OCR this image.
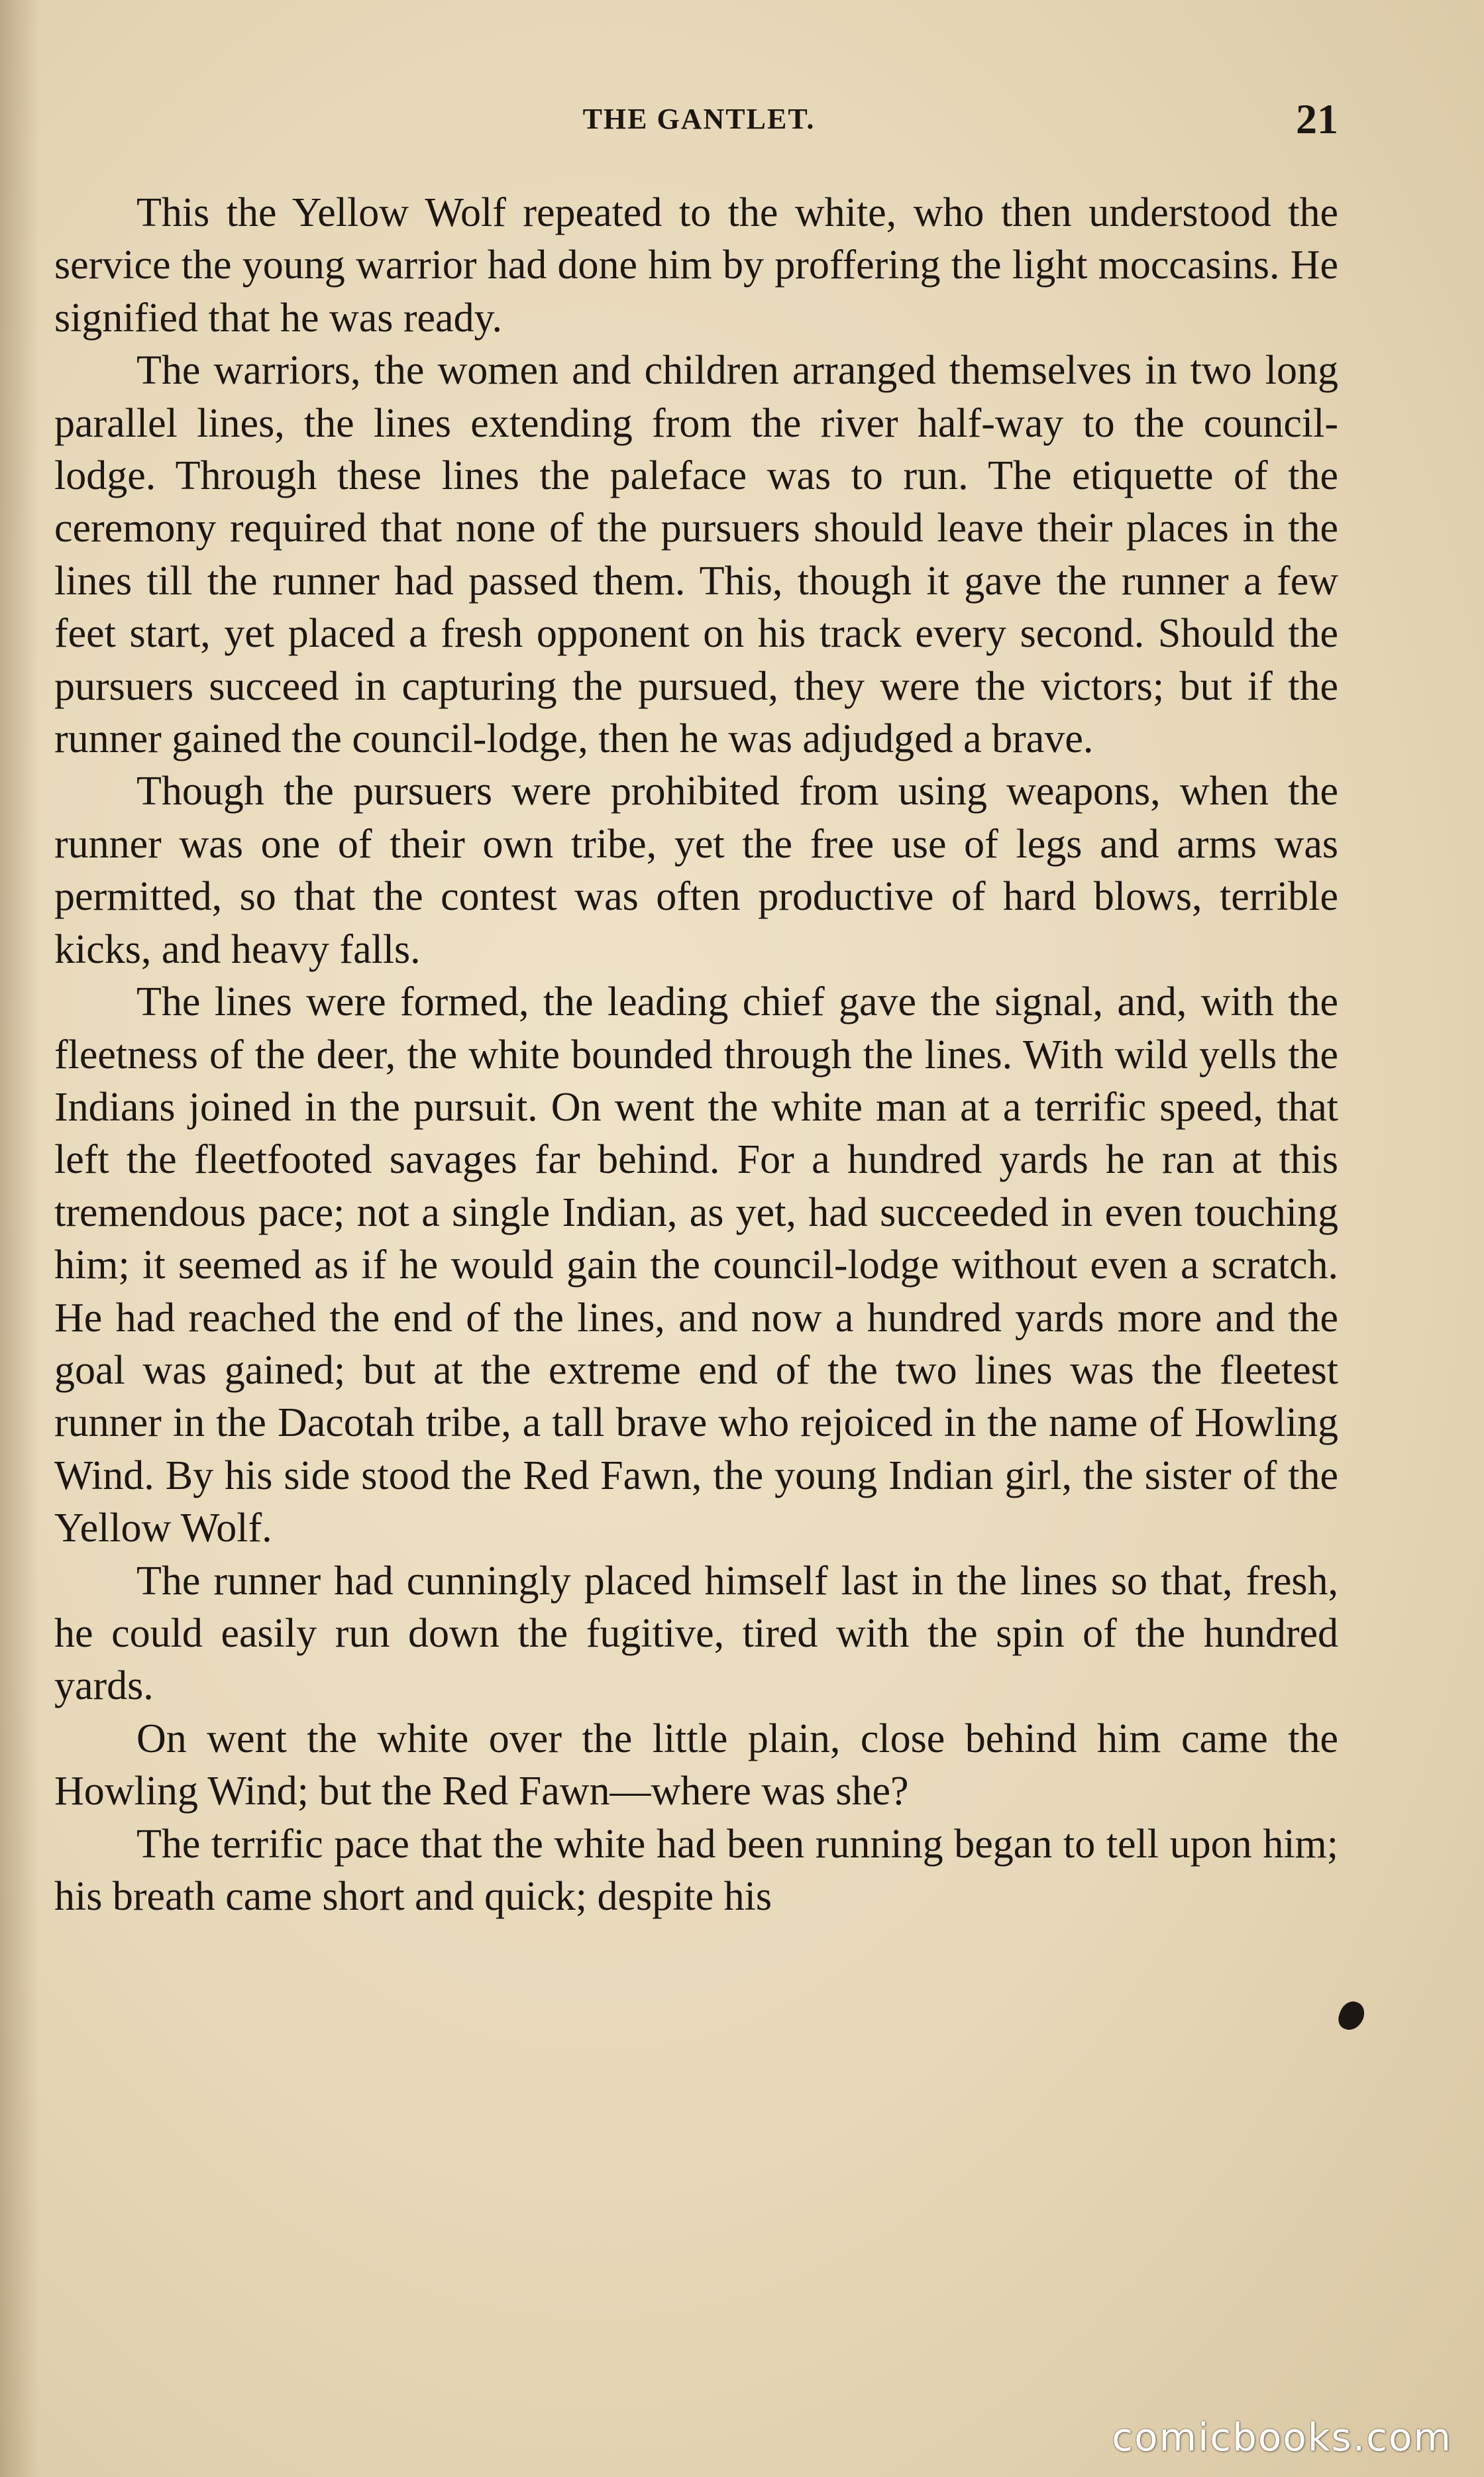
THE GANTLET.	21

This the Yellow Wolf repeated to the white, who then understood the service the young warrior had done him by proffering the light moccasins. He signified that he was ready.

The warriors, the women and children arranged themselves in two long parallel lines, the lines extending from the river half-way to the council-lodge. Through these lines the paleface was to run. The etiquette of the ceremony required that none of the pursuers should leave their places in the lines till the runner had passed them. This, though it gave the runner a few feet start, yet placed a fresh opponent on his track every second. Should the pursuers succeed in capturing the pursued, they were the victors; but if the runner gained the council-lodge, then he was adjudged a brave.

Though the pursuers were prohibited from using weapons, when the runner was one of their own tribe, yet the free use of legs and arms was permitted, so that the contest was often productive of hard blows, terrible kicks, and heavy falls.

The lines were formed, the leading chief gave the signal, and, with the fleetness of the deer, the white bounded through the lines. With wild yells the Indians joined in the pursuit. On went the white man at a terrific speed, that left the fleetfooted savages far behind. For a hundred yards he ran at this tremendous pace; not a single Indian, as yet, had succeeded in even touching him; it seemed as if he would gain the council-lodge without even a scratch. He had reached the end of the lines, and now a hundred yards more and the goal was gained; but at the extreme end of the two lines was the fleetest runner in the Dacotah tribe, a tall brave who rejoiced in the name of Howling Wind. By his side stood the Red Fawn, the young Indian girl, the sister of the Yellow Wolf.

The runner had cunningly placed himself last in the lines so that, fresh, he could easily run down the fugitive, tired with the spin of the hundred yards.

On went the white over the little plain, close behind him came the Howling Wind; but the Red Fawn—where was she?

The terrific pace that the white had been running began to tell upon him; his breath came short and quick; despite his

comicbooks.com
